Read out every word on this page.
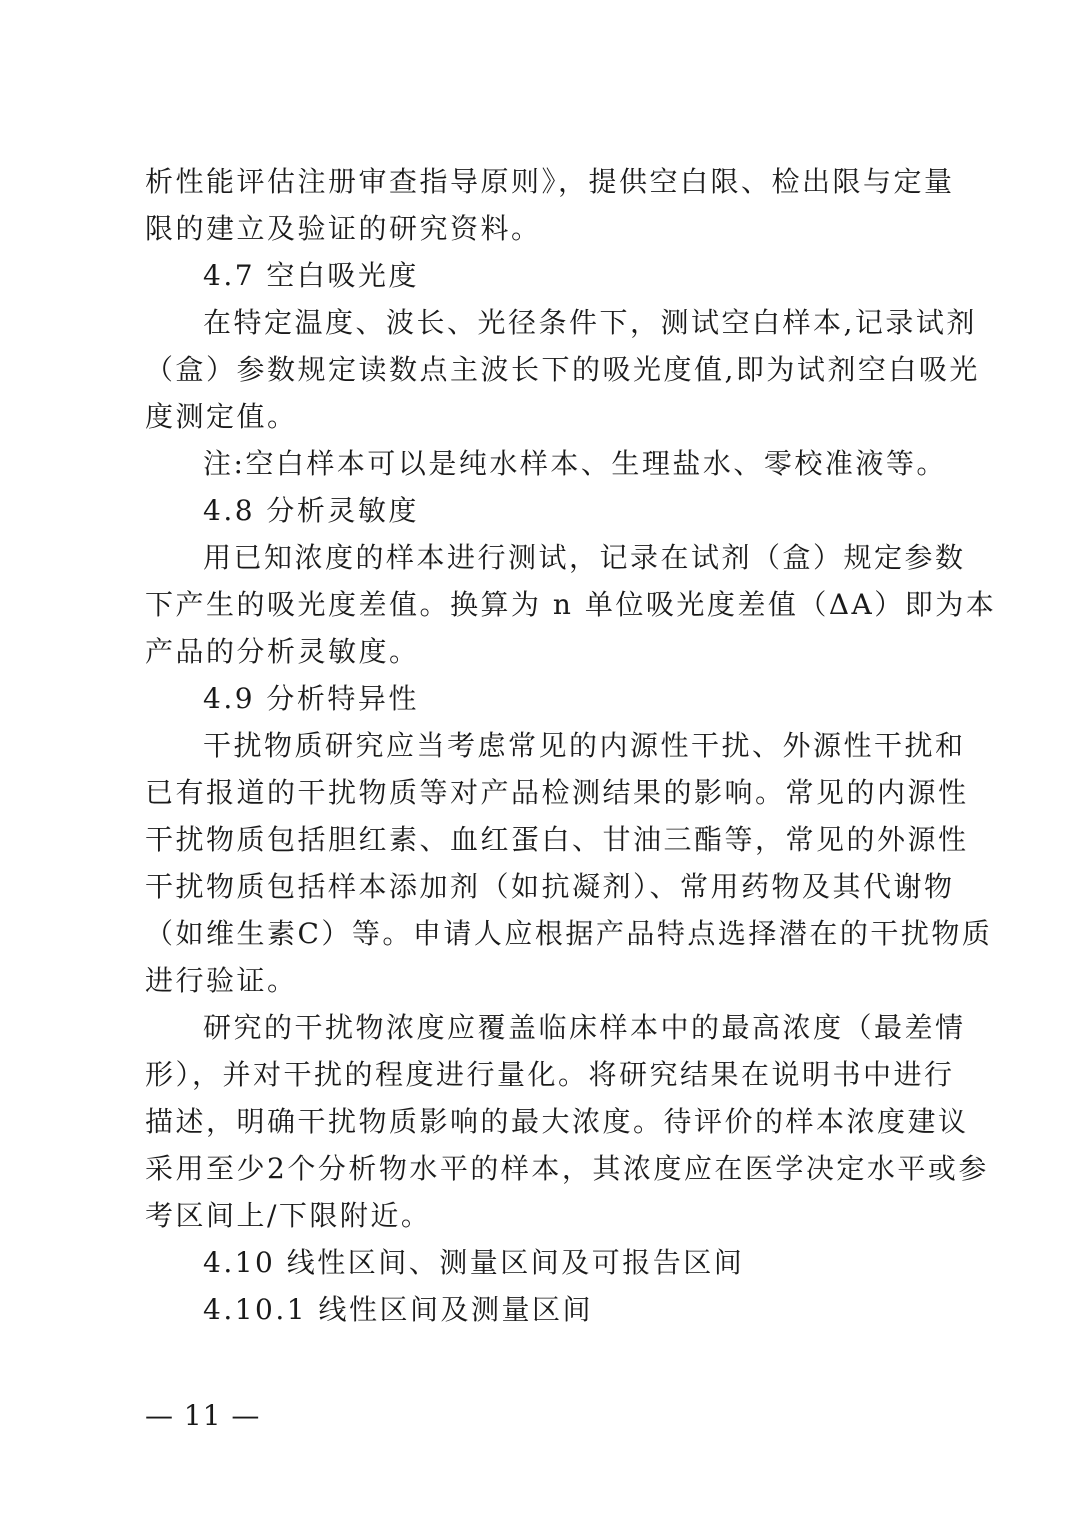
析性能评估注册审查指导原则》，提供空白限、检出限与定量

限的建立及验证的研究资料。

4.7 空白吸光度

在特定温度、波长、光径条件下，测试空白样本,记录试剂

（盒）参数规定读数点主波长下的吸光度值,即为试剂空白吸光

度测定值。

注:空白样本可以是纯水样本、生理盐水、零校准液等。

4.8 分析灵敏度

用已知浓度的样本进行测试，记录在试剂（盒）规定参数

下产生的吸光度差值。换算为 n 单位吸光度差值（ΔA）即为本

产品的分析灵敏度。

4.9 分析特异性

干扰物质研究应当考虑常见的内源性干扰、外源性干扰和

已有报道的干扰物质等对产品检测结果的影响。常见的内源性

干扰物质包括胆红素、血红蛋白、甘油三酯等，常见的外源性

干扰物质包括样本添加剂（如抗凝剂）、常用药物及其代谢物

（如维生素C）等。申请人应根据产品特点选择潜在的干扰物质

进行验证。

研究的干扰物浓度应覆盖临床样本中的最高浓度（最差情

形），并对干扰的程度进行量化。将研究结果在说明书中进行

描述，明确干扰物质影响的最大浓度。待评价的样本浓度建议

采用至少2个分析物水平的样本，其浓度应在医学决定水平或参

考区间上/下限附近。

4.10 线性区间、测量区间及可报告区间

4.10.1 线性区间及测量区间

— 11 —
